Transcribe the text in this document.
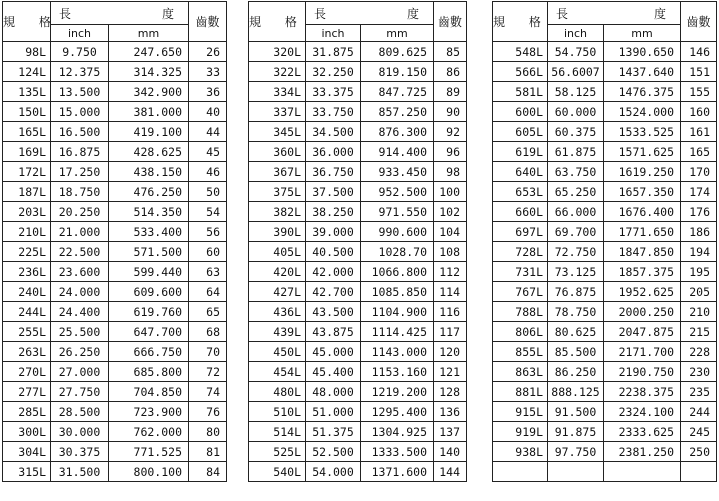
規 格	長 度		齒數
	inch	mm	
98L	9.750	247.650	26
124L	12.375	314.325	33
135L	13.500	342.900	36
150L	15.000	381.000	40
165L	16.500	419.100	44
169L	16.875	428.625	45
172L	17.250	438.150	46
187L	18.750	476.250	50
203L	20.250	514.350	54
210L	21.000	533.400	56
225L	22.500	571.500	60
236L	23.600	599.440	63
240L	24.000	609.600	64
244L	24.400	619.760	65
255L	25.500	647.700	68
263L	26.250	666.750	70
270L	27.000	685.800	72
277L	27.750	704.850	74
285L	28.500	723.900	76
300L	30.000	762.000	80
304L	30.375	771.525	81
315L	31.500	800.100	84
規 格	長 度		齒數
	inch	mm	
320L	31.875	809.625	85
322L	32.250	819.150	86
334L	33.375	847.725	89
337L	33.750	857.250	90
345L	34.500	876.300	92
360L	36.000	914.400	96
367L	36.750	933.450	98
375L	37.500	952.500	100
382L	38.250	971.550	102
390L	39.000	990.600	104
405L	40.500	1028.70	108
420L	42.000	1066.800	112
427L	42.700	1085.850	114
436L	43.500	1104.900	116
439L	43.875	1114.425	117
450L	45.000	1143.000	120
454L	45.400	1153.160	121
480L	48.000	1219.200	128
510L	51.000	1295.400	136
514L	51.375	1304.925	137
525L	52.500	1333.500	140
540L	54.000	1371.600	144
規 格	長 度		齒數
	inch	mm	
548L	54.750	1390.650	146
566L	56.6007	1437.640	151
581L	58.125	1476.375	155
600L	60.000	1524.000	160
605L	60.375	1533.525	161
619L	61.875	1571.625	165
640L	63.750	1619.250	170
653L	65.250	1657.350	174
660L	66.000	1676.400	176
697L	69.700	1771.650	186
728L	72.750	1847.850	194
731L	73.125	1857.375	195
767L	76.875	1952.625	205
788L	78.750	2000.250	210
806L	80.625	2047.875	215
855L	85.500	2171.700	228
863L	86.250	2190.750	230
881L	888.125	2238.375	235
915L	91.500	2324.100	244
919L	91.875	2333.625	245
938L	97.750	2381.250	250
